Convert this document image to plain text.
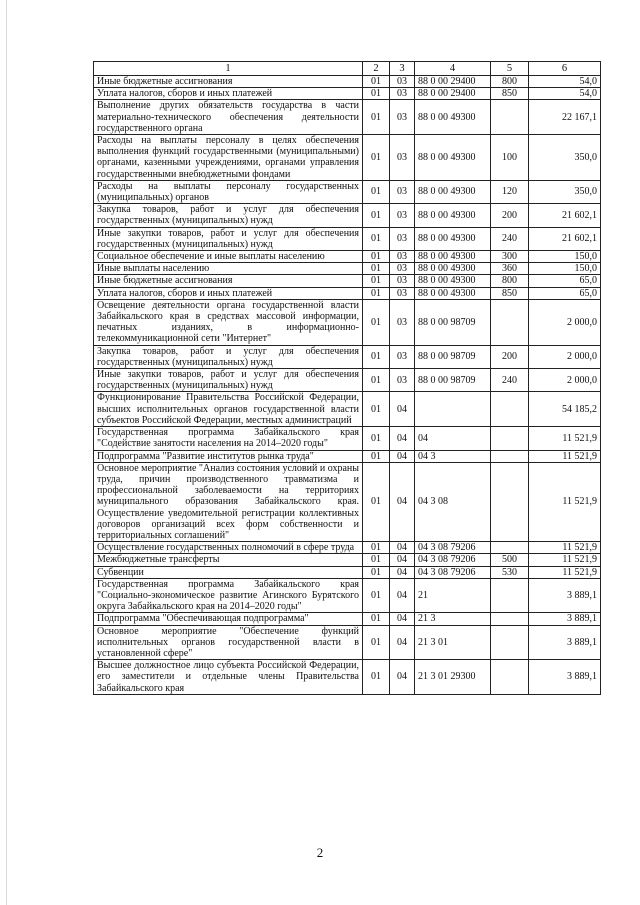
1	2	3	4	5	6
Иные бюджетные ассигнования	01	03	88 0 00 29400	800	54,0
Уплата налогов, сборов и иных платежей	01	03	88 0 00 29400	850	54,0
Выполнение других обязательств государства в части материально-технического обеспечения деятельности государственного органа	01	03	88 0 00 49300		22 167,1
Расходы на выплаты персоналу в целях обеспечения выполнения функций государственными (муниципальными) органами, казенными учреждениями, органами управления государственными внебюджетными фондами	01	03	88 0 00 49300	100	350,0
Расходы на выплаты персоналу государственных (муниципальных) органов	01	03	88 0 00 49300	120	350,0
Закупка товаров, работ и услуг для обеспечения государственных (муниципальных) нужд	01	03	88 0 00 49300	200	21 602,1
Иные закупки товаров, работ и услуг для обеспечения государственных (муниципальных) нужд	01	03	88 0 00 49300	240	21 602,1
Социальное обеспечение и иные выплаты населению	01	03	88 0 00 49300	300	150,0
Иные выплаты населению	01	03	88 0 00 49300	360	150,0
Иные бюджетные ассигнования	01	03	88 0 00 49300	800	65,0
Уплата налогов, сборов и иных платежей	01	03	88 0 00 49300	850	65,0
Освещение деятельности органа государственной власти Забайкальского края в средствах массовой информации, печатных изданиях, в информационно-телекоммуникационной сети "Интернет"	01	03	88 0 00 98709		2 000,0
Закупка товаров, работ и услуг для обеспечения государственных (муниципальных) нужд	01	03	88 0 00 98709	200	2 000,0
Иные закупки товаров, работ и услуг для обеспечения государственных (муниципальных) нужд	01	03	88 0 00 98709	240	2 000,0
Функционирование Правительства Российской Федерации, высших исполнительных органов государственной власти субъектов Российской Федерации, местных администраций	01	04			54 185,2
Государственная программа Забайкальского края "Содействие занятости населения на 2014–2020 годы"	01	04	04		11 521,9
Подпрограмма "Развитие институтов рынка труда"	01	04	04 3		11 521,9
Основное мероприятие "Анализ состояния условий и охраны труда, причин производственного травматизма и профессиональной заболеваемости на территориях муниципального образования Забайкальского края. Осуществление уведомительной регистрации коллективных договоров организаций всех форм собственности и территориальных соглашений"	01	04	04 3 08		11 521,9
Осуществление государственных полномочий в сфере труда	01	04	04 3 08 79206		11 521,9
Межбюджетные трансферты	01	04	04 3 08 79206	500	11 521,9
Субвенции	01	04	04 3 08 79206	530	11 521,9
Государственная программа Забайкальского края "Социально-экономическое развитие Агинского Бурятского округа Забайкальского края на 2014–2020 годы"	01	04	21		3 889,1
Подпрограмма "Обеспечивающая подпрограмма"	01	04	21 3		3 889,1
Основное мероприятие "Обеспечение функций исполнительных органов государственной власти в установленной сфере"	01	04	21 3 01		3 889,1
Высшее должностное лицо субъекта Российской Федерации, его заместители и отдельные члены Правительства Забайкальского края	01	04	21 3 01 29300		3 889,1
2
